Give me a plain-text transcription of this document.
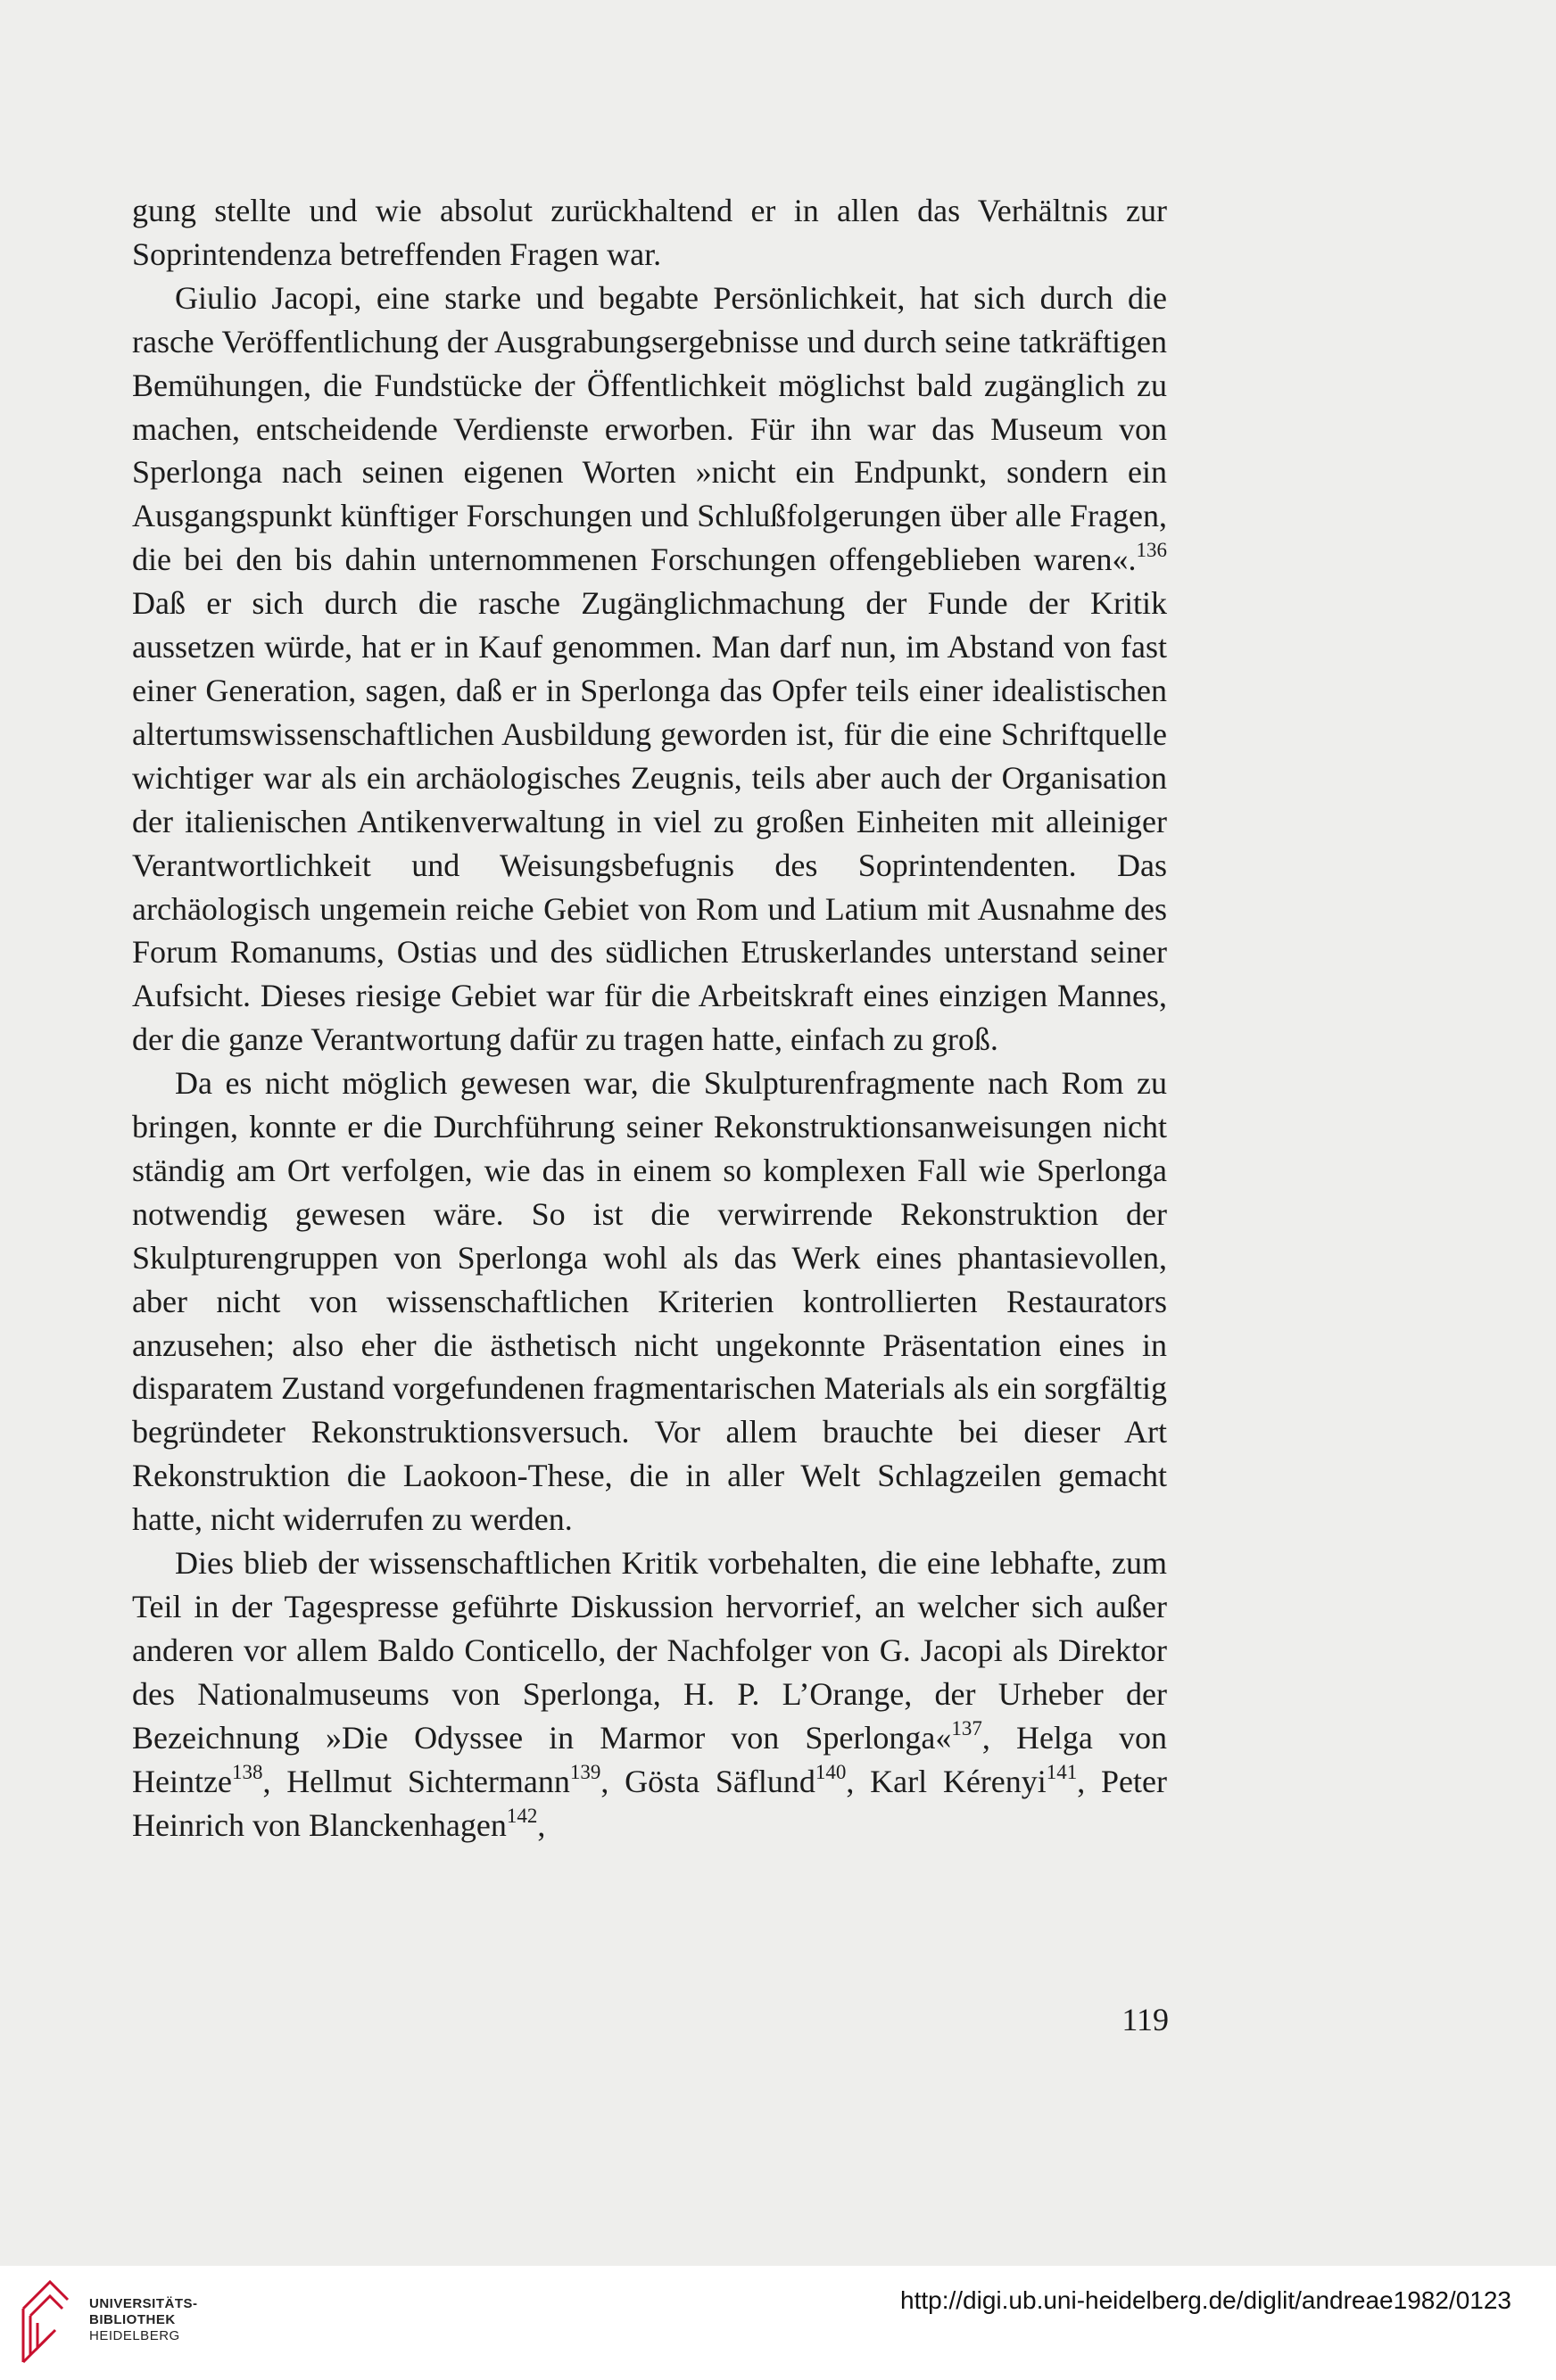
gung stellte und wie absolut zurückhaltend er in allen das Verhältnis zur Soprintendenza betreffenden Fragen war.

Giulio Jacopi, eine starke und begabte Persönlichkeit, hat sich durch die rasche Veröffentlichung der Ausgrabungsergebnisse und durch seine tatkräftigen Bemühungen, die Fundstücke der Öffentlichkeit möglichst bald zugänglich zu machen, entscheidende Verdienste erworben. Für ihn war das Museum von Sperlonga nach seinen eigenen Worten »nicht ein Endpunkt, sondern ein Ausgangspunkt künftiger Forschungen und Schlußfolgerungen über alle Fragen, die bei den bis dahin unternommenen Forschungen offengeblieben waren«.$^{136}$ Daß er sich durch die rasche Zugänglichmachung der Funde der Kritik aussetzen würde, hat er in Kauf genommen. Man darf nun, im Abstand von fast einer Generation, sagen, daß er in Sperlonga das Opfer teils einer idealistischen altertumswissenschaftlichen Ausbildung geworden ist, für die eine Schriftquelle wichtiger war als ein archäologisches Zeugnis, teils aber auch der Organisation der italienischen Antikenverwaltung in viel zu großen Einheiten mit alleiniger Verantwortlichkeit und Weisungsbefugnis des Soprintendenten. Das archäologisch ungemein reiche Gebiet von Rom und Latium mit Ausnahme des Forum Romanums, Ostias und des südlichen Etruskerlandes unterstand seiner Aufsicht. Dieses riesige Gebiet war für die Arbeitskraft eines einzigen Mannes, der die ganze Verantwortung dafür zu tragen hatte, einfach zu groß.

Da es nicht möglich gewesen war, die Skulpturenfragmente nach Rom zu bringen, konnte er die Durchführung seiner Rekonstruktionsanweisungen nicht ständig am Ort verfolgen, wie das in einem so komplexen Fall wie Sperlonga notwendig gewesen wäre. So ist die verwirrende Rekonstruktion der Skulpturengruppen von Sperlonga wohl als das Werk eines phantasievollen, aber nicht von wissenschaftlichen Kriterien kontrollierten Restaurators anzusehen; also eher die ästhetisch nicht ungekonnte Präsentation eines in disparatem Zustand vorgefundenen fragmentarischen Materials als ein sorgfältig begründeter Rekonstruktionsversuch. Vor allem brauchte bei dieser Art Rekonstruktion die Laokoon-These, die in aller Welt Schlagzeilen gemacht hatte, nicht widerrufen zu werden.

Dies blieb der wissenschaftlichen Kritik vorbehalten, die eine lebhafte, zum Teil in der Tagespresse geführte Diskussion hervorrief, an welcher sich außer anderen vor allem Baldo Conticello, der Nachfolger von G. Jacopi als Direktor des Nationalmuseums von Sperlonga, H. P. L’Orange, der Urheber der Bezeichnung »Die Odyssee in Marmor von Sperlonga«$^{137}$, Helga von Heintze$^{138}$, Hellmut Sichtermann$^{139}$, Gösta Säflund$^{140}$, Karl Kérenyi$^{141}$, Peter Heinrich von Blanckenhagen$^{142}$,

119
UNIVERSITÄTS-
BIBLIOTHEK
HEIDELBERG
http://digi.ub.uni-heidelberg.de/diglit/andreae1982/0123
